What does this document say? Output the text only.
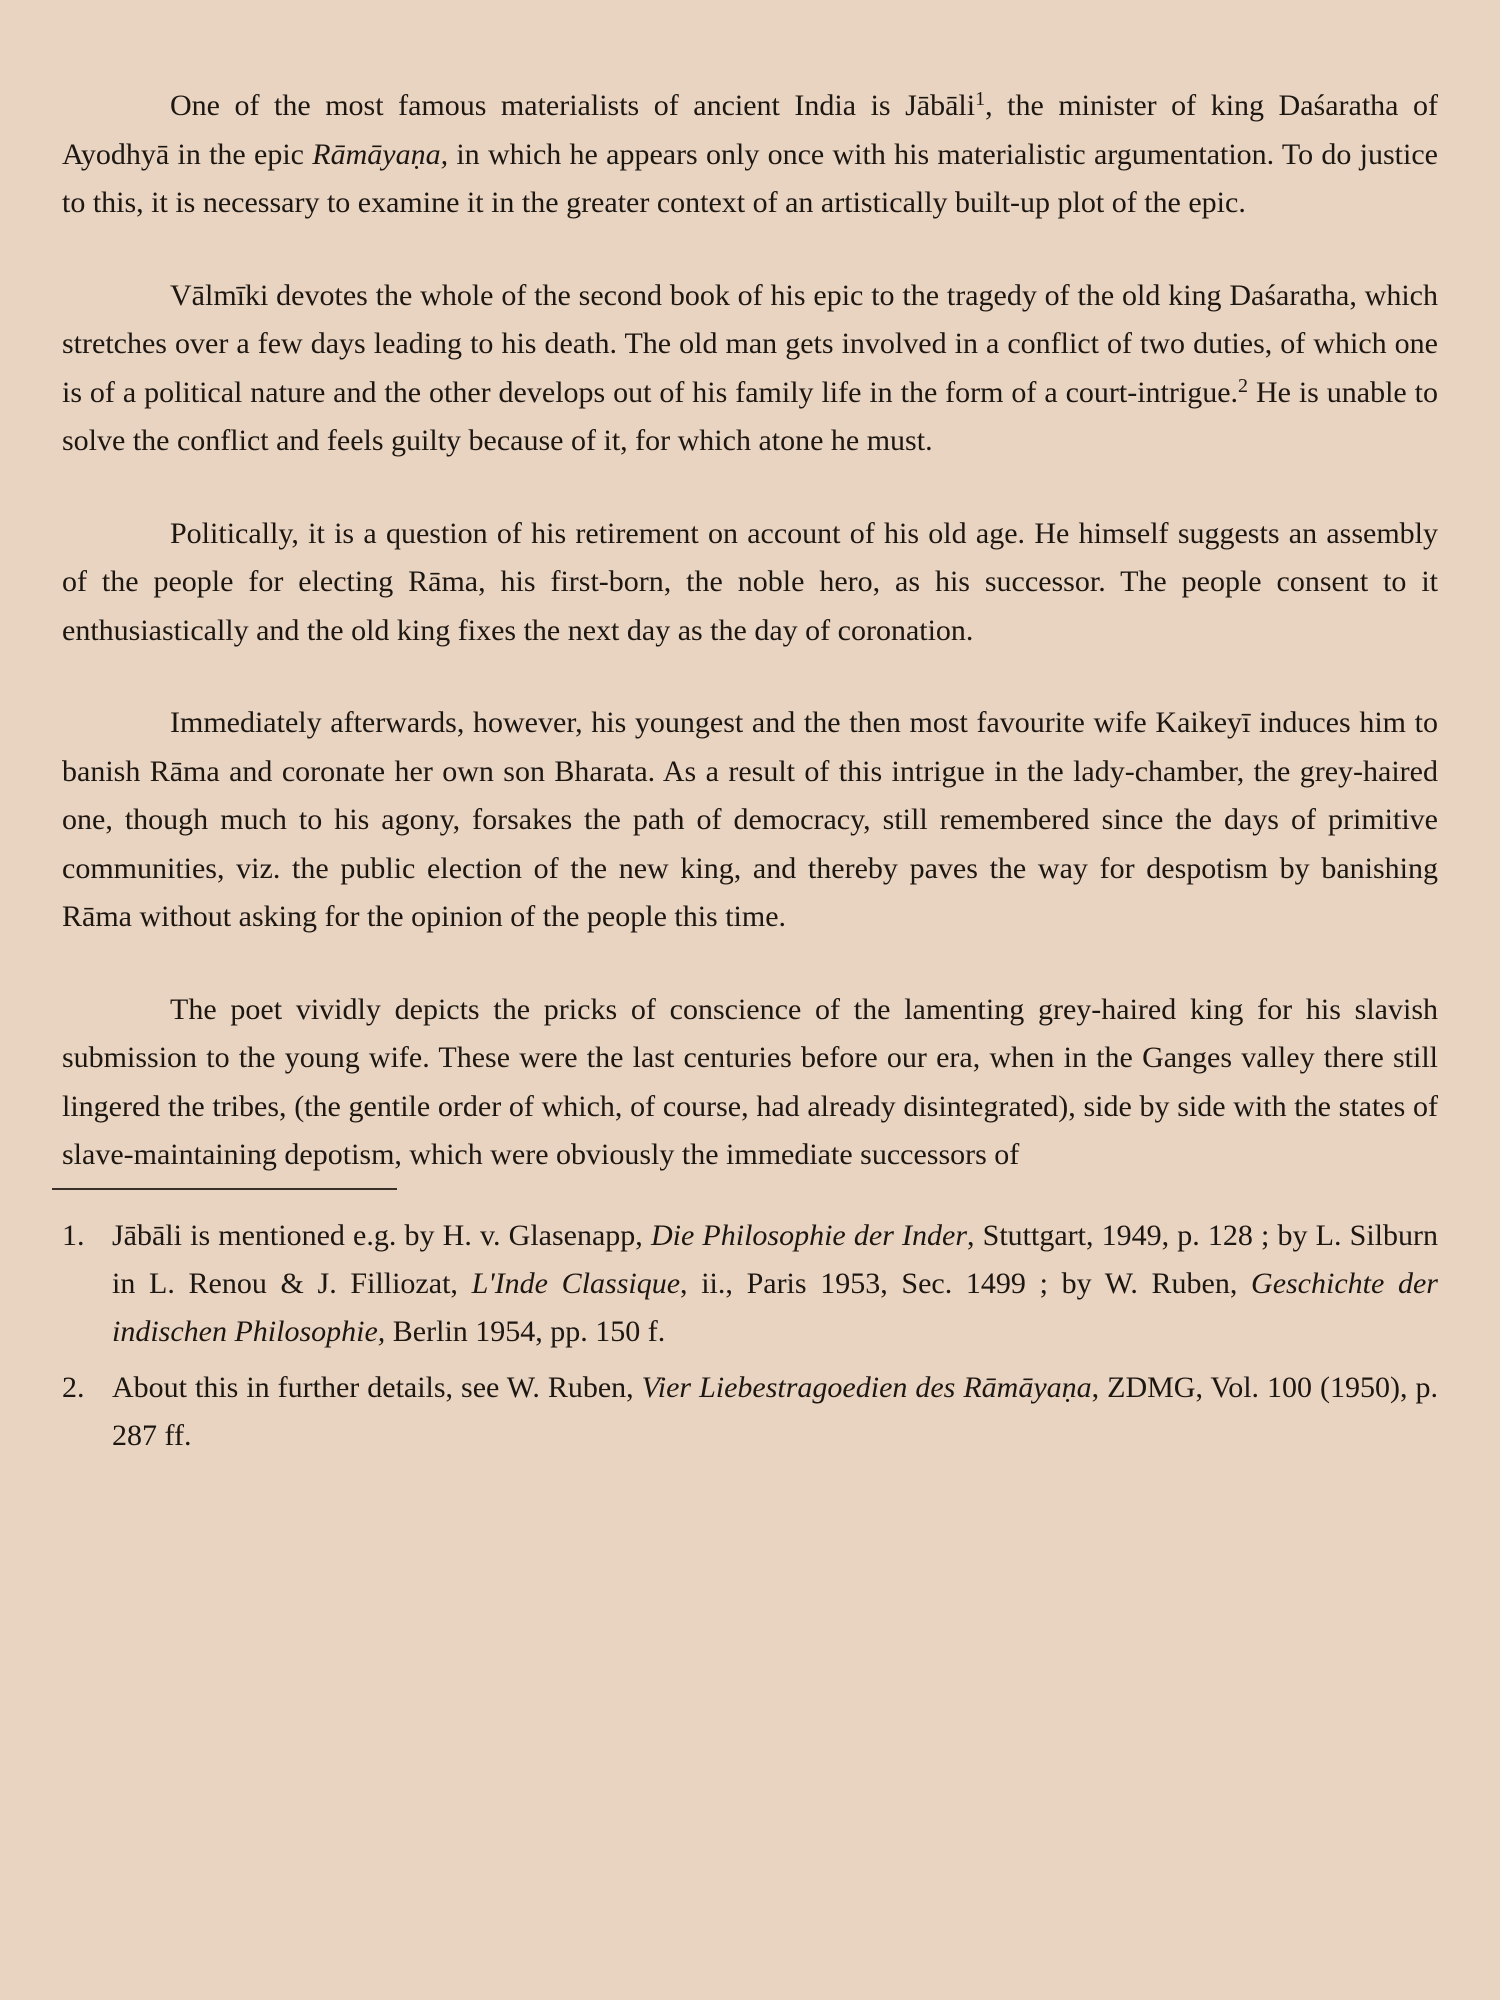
One of the most famous materialists of ancient India is Jābāli$^1$, the minister of king Daśaratha of Ayodhyā in the epic Rāmāyaṇa, in which he appears only once with his materialistic argumentation. To do justice to this, it is necessary to examine it in the greater context of an artistically built-up plot of the epic.

Vālmīki devotes the whole of the second book of his epic to the tragedy of the old king Daśaratha, which stretches over a few days leading to his death. The old man gets involved in a conflict of two duties, of which one is of a political nature and the other develops out of his family life in the form of a court-intrigue.$^2$ He is unable to solve the conflict and feels guilty because of it, for which atone he must.

Politically, it is a question of his retirement on account of his old age. He himself suggests an assembly of the people for electing Rāma, his first-born, the noble hero, as his successor. The people consent to it enthusiastically and the old king fixes the next day as the day of coronation.

Immediately afterwards, however, his youngest and the then most favourite wife Kaikeyī induces him to banish Rāma and coronate her own son Bharata. As a result of this intrigue in the lady-chamber, the grey-haired one, though much to his agony, forsakes the path of democracy, still remembered since the days of primitive communities, viz. the public election of the new king, and thereby paves the way for despotism by banishing Rāma without asking for the opinion of the people this time.

The poet vividly depicts the pricks of conscience of the lamenting grey-haired king for his slavish submission to the young wife. These were the last centuries before our era, when in the Ganges valley there still lingered the tribes, (the gentile order of which, of course, had already disintegrated), side by side with the states of slave-maintaining depotism, which were obviously the immediate successors of

1. Jābāli is mentioned e.g. by H. v. Glasenapp, Die Philosophie der Inder, Stuttgart, 1949, p. 128 ; by L. Silburn in L. Renou & J. Filliozat, L'Inde Classique, ii., Paris 1953, Sec. 1499 ; by W. Ruben, Geschichte der indischen Philosophie, Berlin 1954, pp. 150 f.
2. About this in further details, see W. Ruben, Vier Liebestragoedien des Rāmāyaṇa, ZDMG, Vol. 100 (1950), p. 287 ff.
